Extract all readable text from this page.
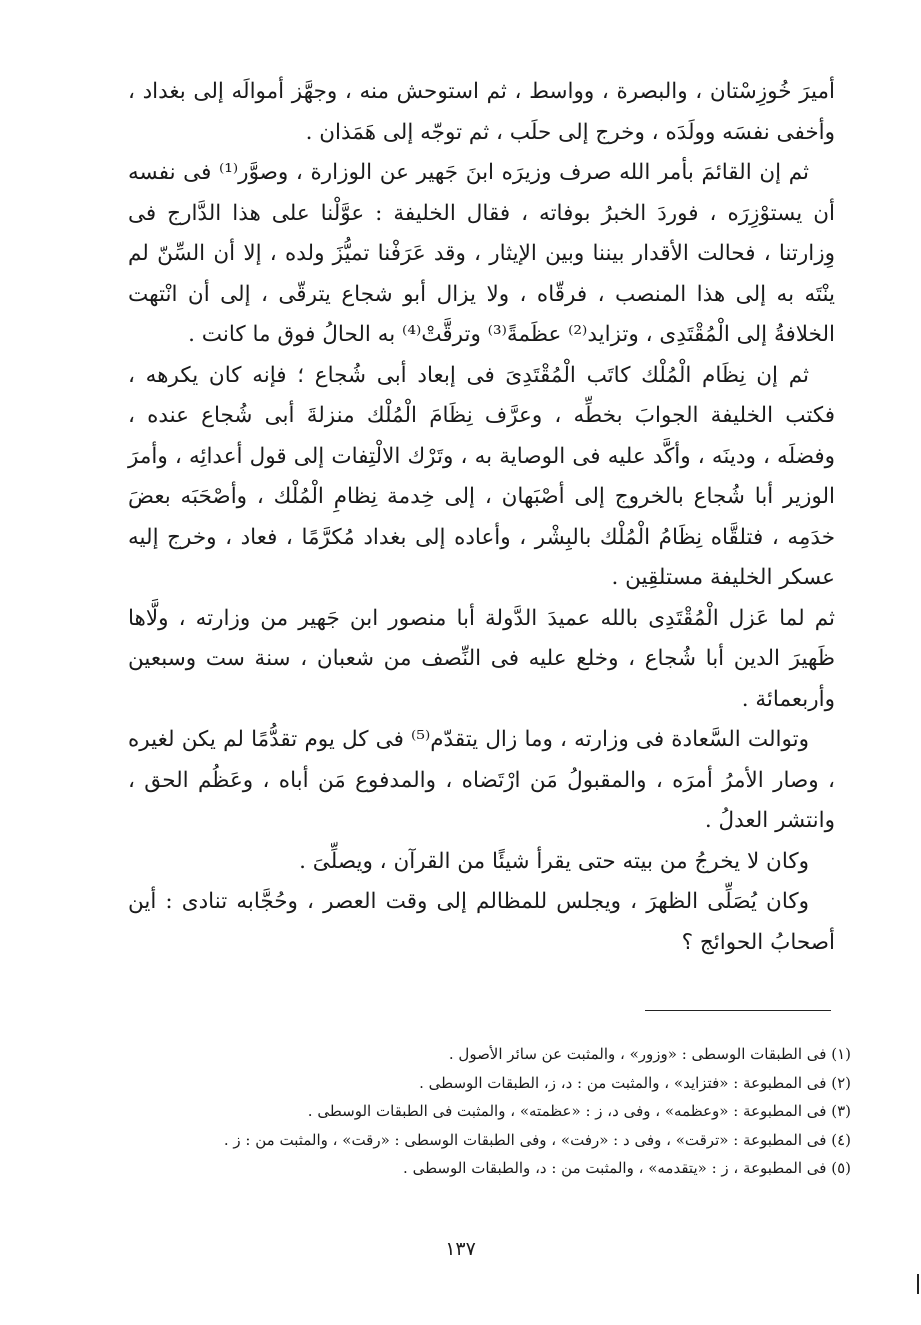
أميرَ خُوزِسْتان ، والبصرة ، وواسط ، ثم استوحش منه ، وجهَّز أموالَه إلى بغداد ، وأخفى نفسَه وولَدَه ، وخرج إلى حلَب ، ثم توجّه إلى هَمَذان .

ثم إن القائمَ بأمر الله صرف وزيرَه ابنَ جَهير عن الوزارة ، وصوَّر⁽¹⁾ فى نفسه أن يستوْزِرَه ، فوردَ الخبرُ بوفاته ، فقال الخليفة : عوَّلْنا على هذا الدَّارج فى وِزارتنا ، فحالت الأقدار بيننا وبين الإيثار ، وقد عَرَفْنا تميُّزَ ولده ، إلا أن السِّنّ لم ينْتَه به إلى هذا المنصب ، فرقّاه ، ولا يزال أبو شجاع يترقّى ، إلى أن انْتهت الخلافةُ إلى الْمُقْتَدِى ، وتزايد⁽²⁾ عظَمةً⁽³⁾ وترقَّتْ⁽⁴⁾ به الحالُ فوق ما كانت .

ثم إن نِظَام الْمُلْك كاتَب الْمُقْتَدِىَ فى إبعاد أبى شُجاع ؛ فإنه كان يكرهه ، فكتب الخليفة الجوابَ بخطِّه ، وعرَّف نِظَامَ الْمُلْك منزلةَ أبى شُجاع عنده ، وفضلَه ، ودينَه ، وأكَّد عليه فى الوصاية به ، وتَرْك الالْتِفات إلى قول أعدائِه ، وأمرَ الوزير أبا شُجاع بالخروج إلى أصْبَهان ، إلى خِدمة نِظامِ الْمُلْك ، وأصْحَبَه بعضَ خدَمِه ، فتلقَّاه نِظَامُ الْمُلْك بالبِشْر ، وأعاده إلى بغداد مُكرَّمًا ، فعاد ، وخرج إليه عسكر الخليفة مستلقِين .

ثم لما عَزل الْمُقْتَدِى بالله عميدَ الدَّولة أبا منصور ابن جَهير من وزارته ، ولَّاها ظَهيرَ الدين أبا شُجاع ، وخلع عليه فى النِّصف من شعبان ، سنة ست وسبعين وأربعمائة .

وتوالت السَّعادة فى وزارته ، وما زال يتقدّم⁽⁵⁾ فى كل يوم تقدُّمًا لم يكن لغيره ، وصار الأمرُ أمرَه ، والمقبولُ مَن ارْتَضاه ، والمدفوع مَن أباه ، وعَظُم الحق ، وانتشر العدلُ .

وكان لا يخرجُ من بيته حتى يقرأ شيئًا من القرآن ، ويصلِّىَ .

وكان يُصَلِّى الظهرَ ، ويجلس للمظالم إلى وقت العصر ، وحُجَّابه تنادى : أين أصحابُ الحوائج ؟

(١) فى الطبقات الوسطى : «وزور» ، والمثبت عن سائر الأصول .

(٢) فى المطبوعة : «فتزايد» ، والمثبت من : د، ز، الطبقات الوسطى .

(٣) فى المطبوعة : «وعظمه» ، وفى د، ز : «عظمته» ، والمثبت فى الطبقات الوسطى .

(٤) فى المطبوعة : «ترقت» ، وفى د : «رفت» ، وفى الطبقات الوسطى : «رقت» ، والمثبت من : ز .

(٥) فى المطبوعة ، ز : «يتقدمه» ، والمثبت من : د، والطبقات الوسطى .

١٣٧
